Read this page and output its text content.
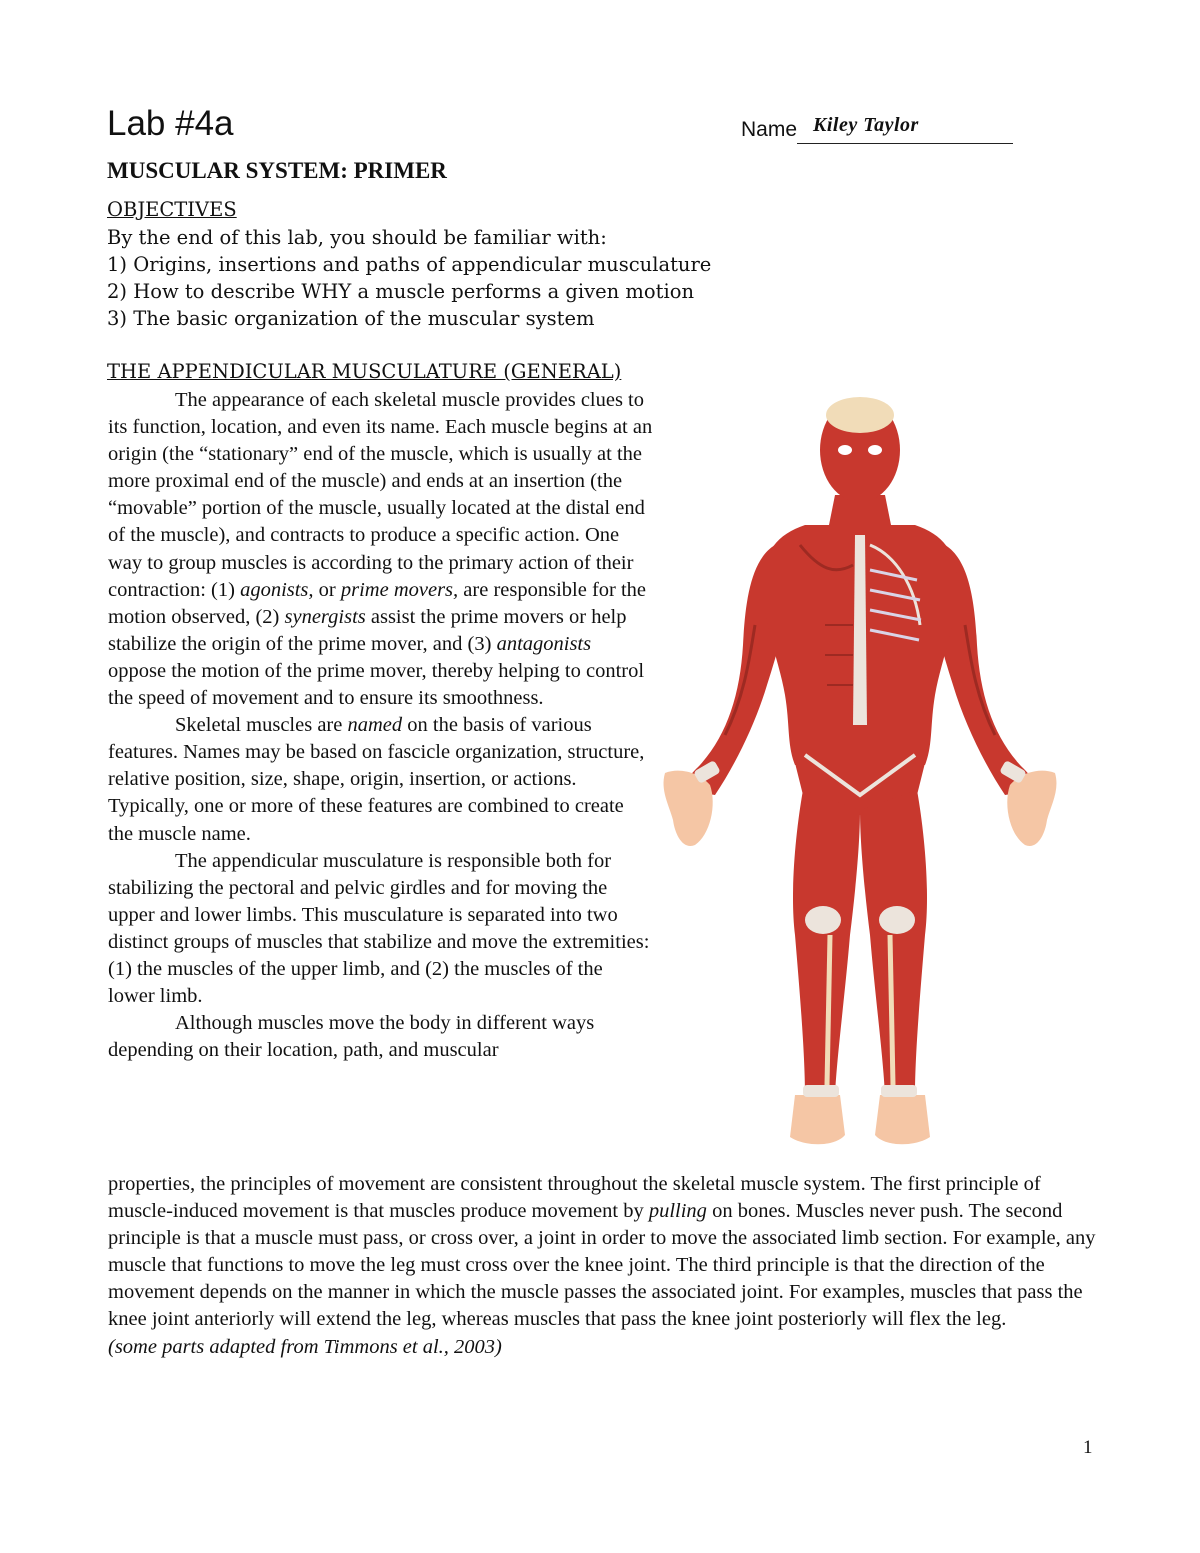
Lab #4a	Name Kiley Taylor
MUSCULAR SYSTEM: PRIMER
OBJECTIVES
By the end of this lab, you should be familiar with:
1) Origins, insertions and paths of appendicular musculature
2) How to describe WHY a muscle performs a given motion
3) The basic organization of the muscular system
THE APPENDICULAR MUSCULATURE (GENERAL)

The appearance of each skeletal muscle provides clues to its function, location, and even its name. Each muscle begins at an origin (the “stationary” end of the muscle, which is usually at the more proximal end of the muscle) and ends at an insertion (the “movable” portion of the muscle, usually located at the distal end of the muscle), and contracts to produce a specific action. One way to group muscles is according to the primary action of their contraction: (1) agonists, or prime movers, are responsible for the motion observed, (2) synergists assist the prime movers or help stabilize the origin of the prime mover, and (3) antagonists oppose the motion of the prime mover, thereby helping to control the speed of movement and to ensure its smoothness.

Skeletal muscles are named on the basis of various features. Names may be based on fascicle organization, structure, relative position, size, shape, origin, insertion, or actions. Typically, one or more of these features are combined to create the muscle name.

The appendicular musculature is responsible both for stabilizing the pectoral and pelvic girdles and for moving the upper and lower limbs. This musculature is separated into two distinct groups of muscles that stabilize and move the extremities: (1) the muscles of the upper limb, and (2) the muscles of the lower limb.

Although muscles move the body in different ways depending on their location, path, and muscular

properties, the principles of movement are consistent throughout the skeletal muscle system. The first principle of muscle-induced movement is that muscles produce movement by pulling on bones. Muscles never push. The second principle is that a muscle must pass, or cross over, a joint in order to move the associated limb section. For example, any muscle that functions to move the leg must cross over the knee joint. The third principle is that the direction of the movement depends on the manner in which the muscle passes the associated joint. For examples, muscles that pass the knee joint anteriorly will extend the leg, whereas muscles that pass the knee joint posteriorly will flex the leg.

(some parts adapted from Timmons et al., 2003)

1
